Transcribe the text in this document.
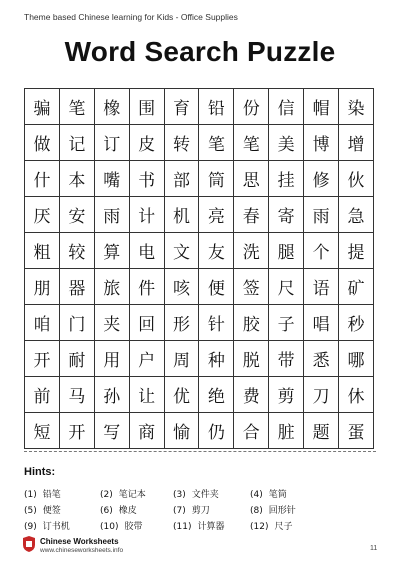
Theme based Chinese learning for Kids - Office Supplies
Word Search Puzzle
骗	笔	橡	围	育	铅	份	信	帽	染
做	记	订	皮	转	笔	笔	美	博	增
什	本	嘴	书	部	筒	思	挂	修	伙
厌	安	雨	计	机	亮	春	寄	雨	急
粗	较	算	电	文	友	洗	腿	个	提
朋	器	旅	件	咳	便	签	尺	语	矿
咱	门	夹	回	形	针	胶	子	唱	秒
开	耐	用	户	周	种	脱	带	悉	哪
前	马	孙	让	优	绝	费	剪	刀	休
短	开	写	商	愉	仍	合	脏	题	蛋
Hints:
(1) 铅笔	(2) 笔记本	(3) 文件夹	(4) 笔筒
(5) 便签	(6) 橡皮	(7) 剪刀	(8) 回形针
(9) 订书机	(10) 胶带	(11) 计算器	(12) 尺子
Chinese Worksheets
www.chineseworksheets.info	11
